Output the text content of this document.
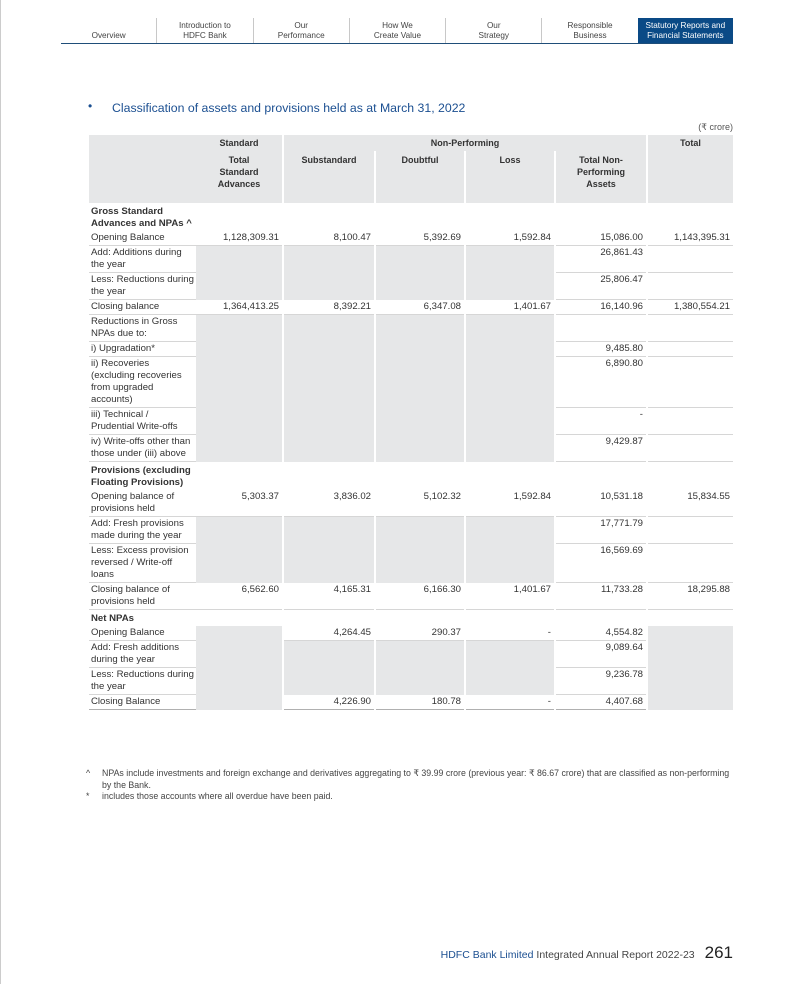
Overview
Introduction to
HDFC Bank
Our
Performance
How We
Create Value
Our
Strategy
Responsible
Business
Statutory Reports and
Financial Statements
• Classification of assets and provisions held as at March 31, 2022
(₹ crore)
	Standard	Non-Performing				Total
	Total
Standard
Advances	Substandard	Doubtful	Loss	Total Non-
Performing
Assets	
Gross Standard Advances and NPAs ^						
Opening Balance	1,128,309.31	8,100.47	5,392.69	1,592.84	15,086.00	1,143,395.31
Add: Additions during the year					26,861.43	
Less: Reductions during the year					25,806.47	
Closing balance	1,364,413.25	8,392.21	6,347.08	1,401.67	16,140.96	1,380,554.21
Reductions in Gross NPAs due to:						
i) Upgradation*					9,485.80	
ii) Recoveries (excluding recoveries from upgraded accounts)					6,890.80	
iii) Technical / Prudential Write-offs					-	
iv) Write-offs other than those under (iii) above					9,429.87	
Provisions (excluding Floating Provisions)						
Opening balance of provisions held	5,303.37	3,836.02	5,102.32	1,592.84	10,531.18	15,834.55
Add: Fresh provisions made during the year					17,771.79	
Less: Excess provision reversed / Write-off loans					16,569.69	
Closing balance of provisions held	6,562.60	4,165.31	6,166.30	1,401.67	11,733.28	18,295.88
Net NPAs						
Opening Balance		4,264.45	290.37	-	4,554.82	
Add: Fresh additions during the year					9,089.64	
Less: Reductions during the year					9,236.78	
Closing Balance		4,226.90	180.78	-	4,407.68	
^	NPAs include investments and foreign exchange and derivatives aggregating to ₹ 39.99 crore (previous year: ₹ 86.67 crore) that are classified as non-performing by the Bank.
*	includes those accounts where all overdue have been paid.
HDFC Bank Limited Integrated Annual Report 2022-23 261
